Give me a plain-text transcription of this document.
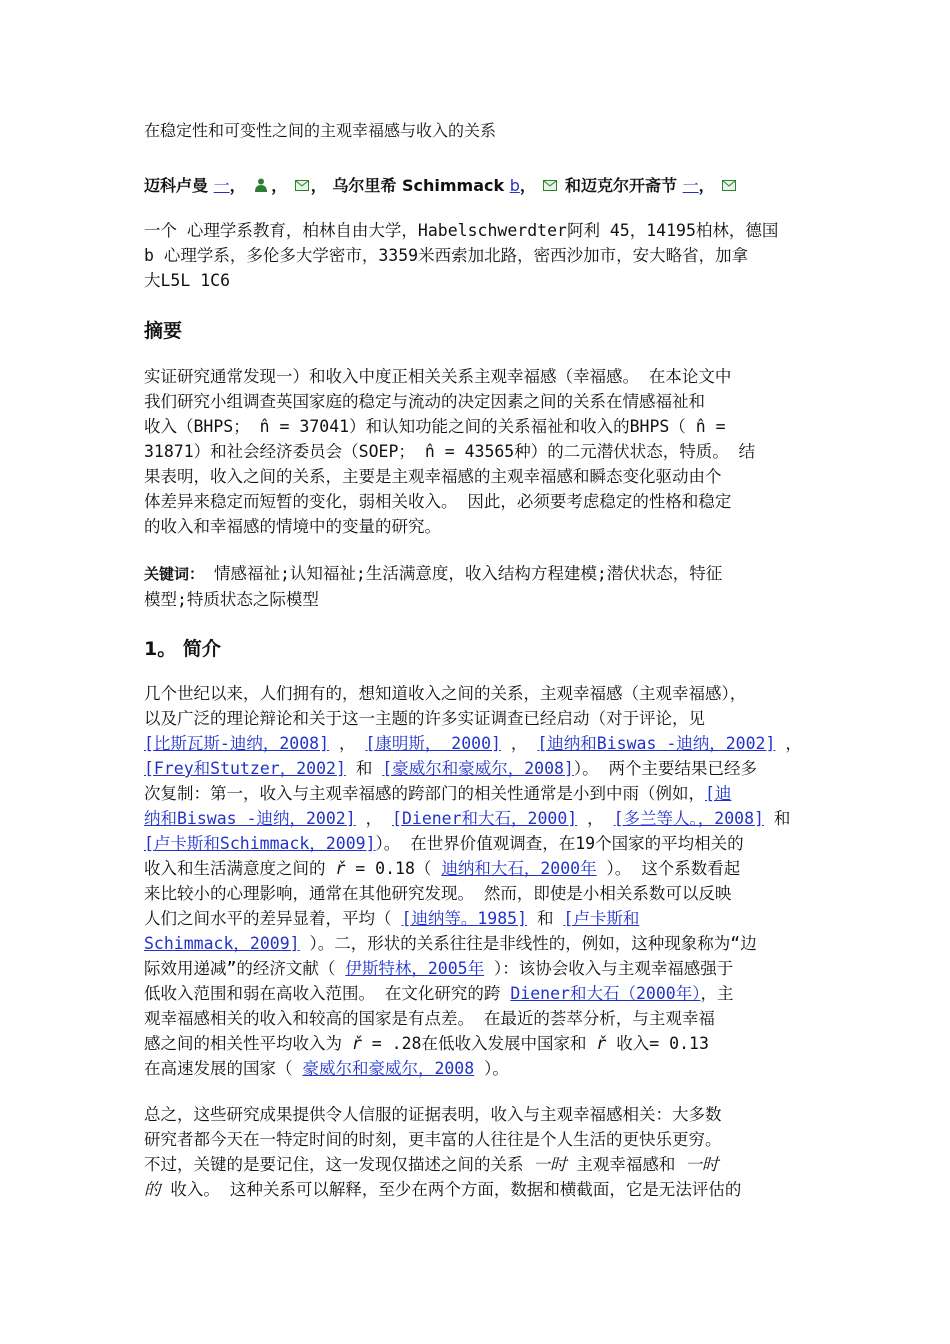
在稳定性和可变性之间的主观幸福感与收入的关系
迈科卢曼 一， ， ， 乌尔里希 Schimmack b， 和迈克尔开斋节 一，
一个 心理学系教育，柏林自由大学，Habelschwerdter阿利 45，14195柏林，德国
b 心理学系，多伦多大学密市，3359米西索加北路，密西沙加市，安大略省，加拿
大L5L 1C6
摘要
实证研究通常发现一）和收入中度正相关关系主观幸福感（幸福感。 在本论文中
我们研究小组调查英国家庭的稳定与流动的决定因素之间的关系在情感福祉和
收入（BHPS； n̂ = 37041）和认知功能之间的关系福祉和收入的BHPS（ n̂ =
31871）和社会经济委员会（SOEP； n̂ = 43565种）的二元潜伏状态，特质。 结
果表明，收入之间的关系，主要是主观幸福感的主观幸福感和瞬态变化驱动由个
体差异来稳定而短暂的变化，弱相关收入。 因此，必须要考虑稳定的性格和稳定
的收入和幸福感的情境中的变量的研究。
关键词： 情感福祉;认知福祉;生活满意度，收入结构方程建模;潜伏状态，特征
模型;特质状态之际模型
1。 简介
几个世纪以来，人们拥有的，想知道收入之间的关系，主观幸福感（主观幸福感），
以及广泛的理论辩论和关于这一主题的许多实证调查已经启动（对于评论，见
[比斯瓦斯-迪纳，2008] ， [康明斯， 2000] ， [迪纳和Biswas -迪纳，2002] ，
[Frey和Stutzer，2002] 和 [豪威尔和豪威尔，2008]）。 两个主要结果已经多
次复制：第一，收入与主观幸福感的跨部门的相关性通常是小到中雨（例如，[迪
纳和Biswas -迪纳，2002] ， [Diener和大石，2000] ， [多兰等人。，2008] 和
[卢卡斯和Schimmack，2009]）。 在世界价值观调查，在19个国家的平均相关的
收入和生活满意度之间的 ř = 0.18（ 迪纳和大石，2000年 ）。 这个系数看起
来比较小的心理影响，通常在其他研究发现。 然而，即使是小相关系数可以反映
人们之间水平的差异显着，平均（ [迪纳等。1985] 和 [卢卡斯和
Schimmack，2009] ）。二，形状的关系往往是非线性的，例如，这种现象称为“边
际效用递减”的经济文献（ 伊斯特林，2005年 ）：该协会收入与主观幸福感强于
低收入范围和弱在高收入范围。 在文化研究的跨 Diener和大石（2000年），主
观幸福感相关的收入和较高的国家是有点差。 在最近的荟萃分析，与主观幸福
感之间的相关性平均收入为 ř = .28在低收入发展中国家和 ř 收入= 0.13
在高速发展的国家（ 豪威尔和豪威尔，2008 ）。
总之，这些研究成果提供令人信服的证据表明，收入与主观幸福感相关：大多数
研究者都今天在一特定时间的时刻，更丰富的人往往是个人生活的更快乐更穷。
不过，关键的是要记住，这一发现仅描述之间的关系 一时 主观幸福感和 一时
的 收入。 这种关系可以解释，至少在两个方面，数据和横截面，它是无法评估的
